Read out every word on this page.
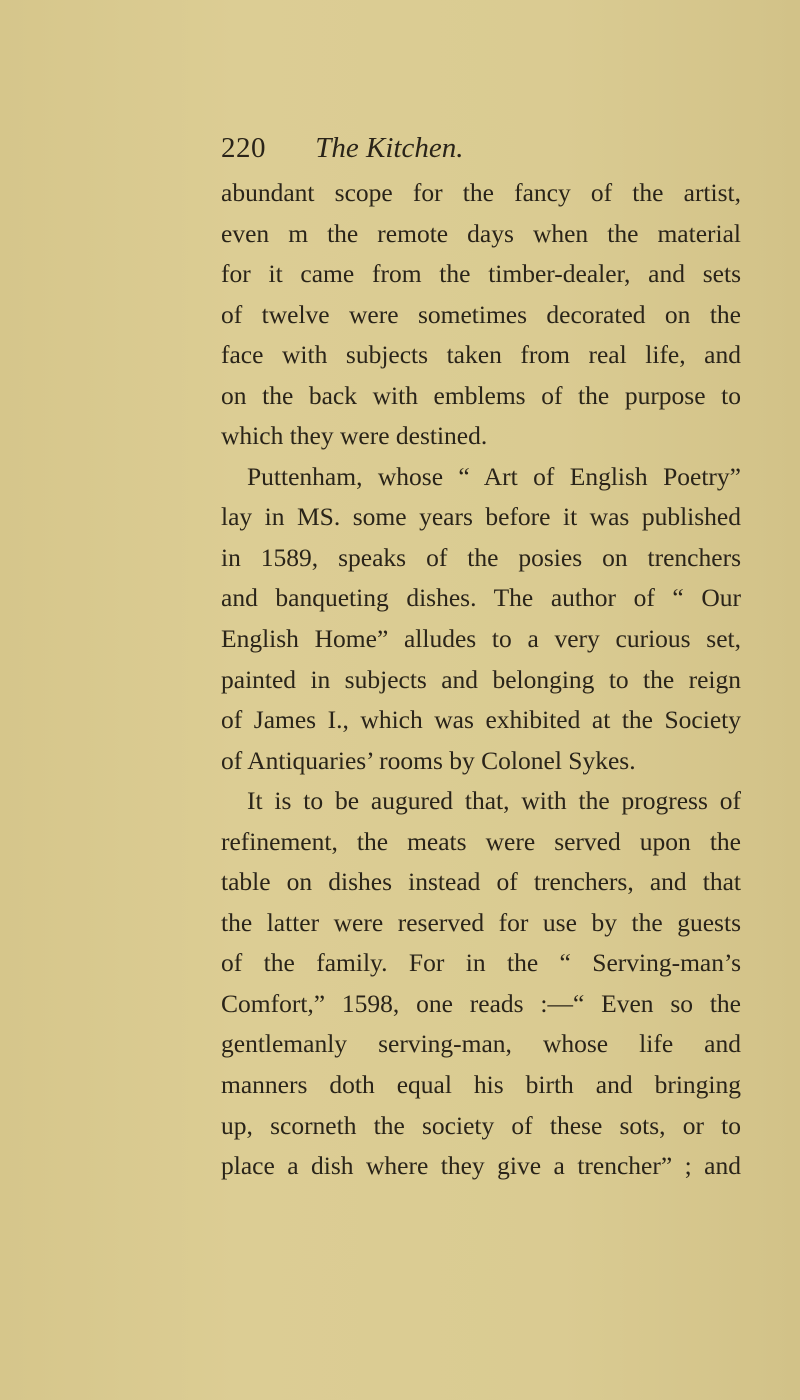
220 The Kitchen.
abundant scope for the fancy of the artist,
even m the remote days when the material
for it came from the timber-dealer, and sets
of twelve were sometimes decorated on the
face with subjects taken from real life, and
on the back with emblems of the purpose to
which they were destined.
Puttenham, whose “ Art of English Poetry”
lay in MS. some years before it was published
in 1589, speaks of the posies on trenchers
and banqueting dishes. The author of “ Our
English Home” alludes to a very curious set,
painted in subjects and belonging to the reign
of James I., which was exhibited at the Society
of Antiquaries’ rooms by Colonel Sykes.
It is to be augured that, with the progress of
refinement, the meats were served upon the
table on dishes instead of trenchers, and that
the latter were reserved for use by the guests
of the family. For in the “ Serving-man’s
Comfort,” 1598, one reads :—“ Even so the
gentlemanly serving-man, whose life and
manners doth equal his birth and bringing
up, scorneth the society of these sots, or to
place a dish where they give a trencher” ; and
